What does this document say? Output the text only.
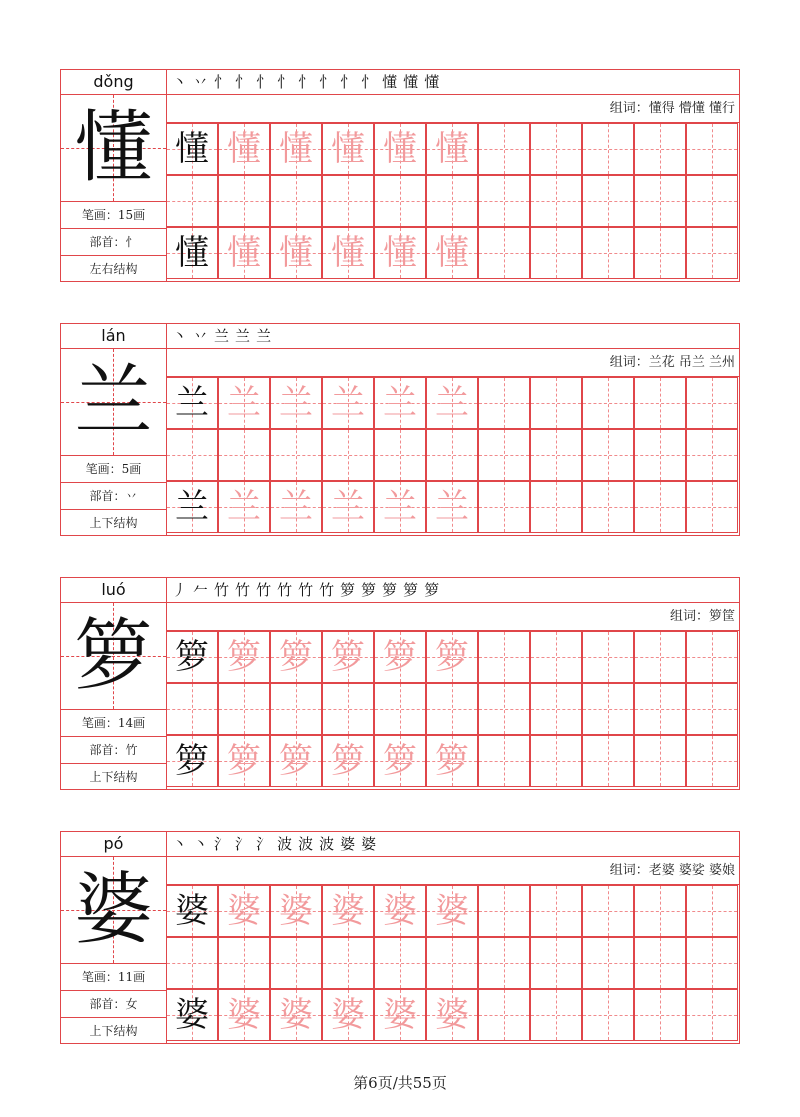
dǒng
懂
笔画：15画
部首：忄
左右结构
丶 丷 忄 忄 忄 忄 忄 忄 忄 忄 懂 懂 懂
组词：懂得 懵懂 懂行
懂 懂 懂 懂 懂 懂
懂 懂 懂 懂 懂 懂
lán
兰
笔画：5画
部首：丷
上下结构
丶 丷 兰 兰 兰
组词：兰花 吊兰 兰州
兰 兰 兰 兰 兰 兰
兰 兰 兰 兰 兰 兰
luó
箩
笔画：14画
部首：竹
上下结构
丿 𠂉 竹 竹 竹 竹 竹 竹 箩 箩 箩 箩 箩
组词：箩筐
箩 箩 箩 箩 箩 箩
箩 箩 箩 箩 箩 箩
pó
婆
笔画：11画
部首：女
上下结构
丶 丶 氵 氵 氵 波 波 波 婆 婆
组词：老婆 婆娑 婆娘
婆 婆 婆 婆 婆 婆
婆 婆 婆 婆 婆 婆
第6页/共55页
